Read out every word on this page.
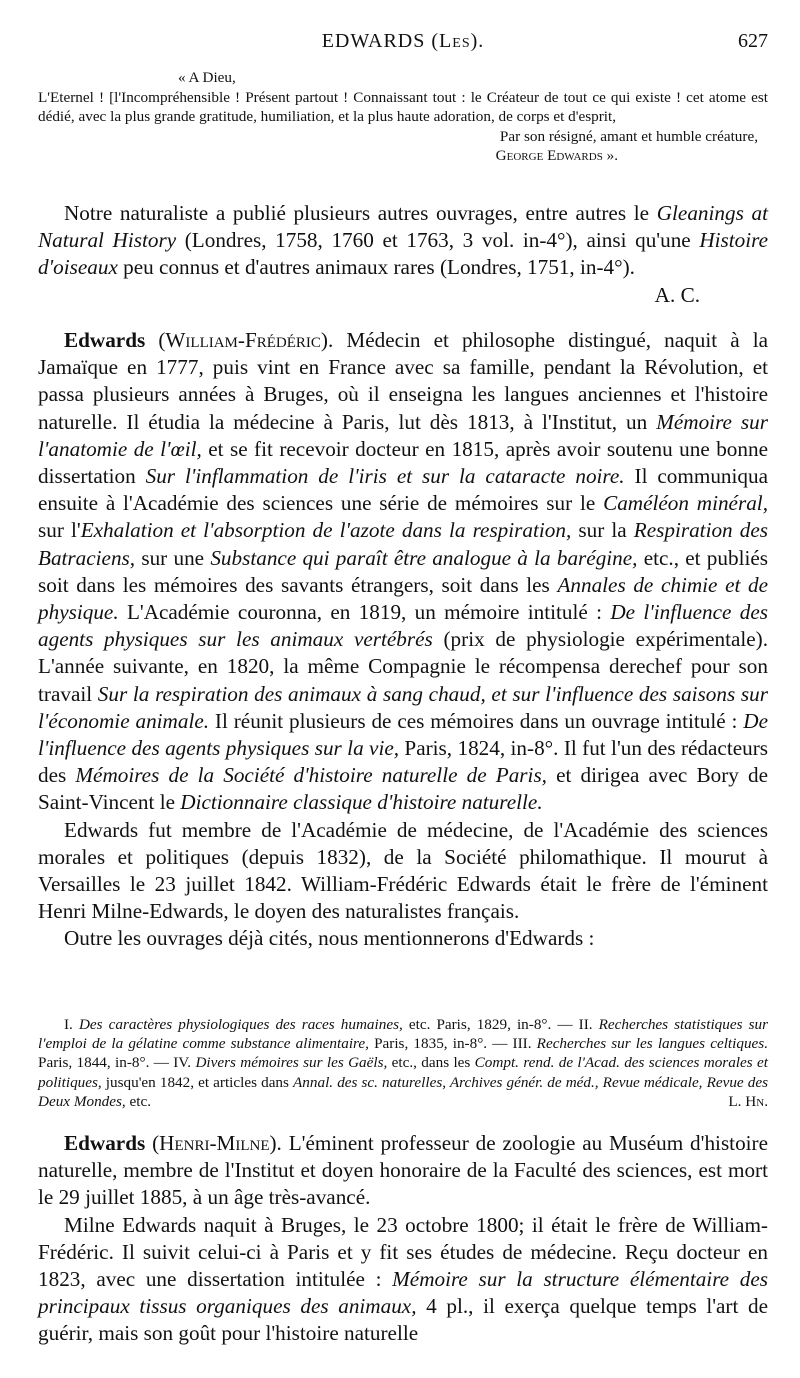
EDWARDS (Les).	627

« A Dieu,

L'Eternel ! [l'Incompréhensible ! Présent partout ! Connaissant tout : le Créateur de tout ce qui existe ! cet atome est dédié, avec la plus grande gratitude, humiliation, et la plus haute adoration, de corps et d'esprit,

Par son résigné, amant et humble créature,

George Edwards ».

Notre naturaliste a publié plusieurs autres ouvrages, entre autres le Gleanings at Natural History (Londres, 1758, 1760 et 1763, 3 vol. in-4°), ainsi qu'une Histoire d'oiseaux peu connus et d'autres animaux rares (Londres, 1751, in-4°).

A. C.

Edwards (William-Frédéric). Médecin et philosophe distingué, naquit à la Jamaïque en 1777, puis vint en France avec sa famille, pendant la Révolution, et passa plusieurs années à Bruges, où il enseigna les langues anciennes et l'histoire naturelle. Il étudia la médecine à Paris, lut dès 1813, à l'Institut, un Mémoire sur l'anatomie de l'œil, et se fit recevoir docteur en 1815, après avoir soutenu une bonne dissertation Sur l'inflammation de l'iris et sur la cataracte noire. Il communiqua ensuite à l'Académie des sciences une série de mémoires sur le Caméléon minéral, sur l'Exhalation et l'absorption de l'azote dans la respiration, sur la Respiration des Batraciens, sur une Substance qui paraît être analogue à la barégine, etc., et publiés soit dans les mémoires des savants étrangers, soit dans les Annales de chimie et de physique. L'Académie couronna, en 1819, un mémoire intitulé : De l'influence des agents physiques sur les animaux vertébrés (prix de physiologie expérimentale). L'année suivante, en 1820, la même Compagnie le récompensa derechef pour son travail Sur la respiration des animaux à sang chaud, et sur l'influence des saisons sur l'économie animale. Il réunit plusieurs de ces mémoires dans un ouvrage intitulé : De l'influence des agents physiques sur la vie, Paris, 1824, in-8°. Il fut l'un des rédacteurs des Mémoires de la Société d'histoire naturelle de Paris, et dirigea avec Bory de Saint-Vincent le Dictionnaire classique d'histoire naturelle.

Edwards fut membre de l'Académie de médecine, de l'Académie des sciences morales et politiques (depuis 1832), de la Société philomathique. Il mourut à Versailles le 23 juillet 1842. William-Frédéric Edwards était le frère de l'éminent Henri Milne-Edwards, le doyen des naturalistes français.

Outre les ouvrages déjà cités, nous mentionnerons d'Edwards :

I. Des caractères physiologiques des races humaines, etc. Paris, 1829, in-8°. — II. Recherches statistiques sur l'emploi de la gélatine comme substance alimentaire, Paris, 1835, in-8°. — III. Recherches sur les langues celtiques. Paris, 1844, in-8°. — IV. Divers mémoires sur les Gaëls, etc., dans les Compt. rend. de l'Acad. des sciences morales et politiques, jusqu'en 1842, et articles dans Annal. des sc. naturelles, Archives génér. de méd., Revue médicale, Revue des Deux Mondes, etc.	L. Hn.

Edwards (Henri-Milne). L'éminent professeur de zoologie au Muséum d'histoire naturelle, membre de l'Institut et doyen honoraire de la Faculté des sciences, est mort le 29 juillet 1885, à un âge très-avancé.

Milne Edwards naquit à Bruges, le 23 octobre 1800; il était le frère de William-Frédéric. Il suivit celui-ci à Paris et y fit ses études de médecine. Reçu docteur en 1823, avec une dissertation intitulée : Mémoire sur la structure élémentaire des principaux tissus organiques des animaux, 4 pl., il exerça quelque temps l'art de guérir, mais son goût pour l'histoire naturelle
